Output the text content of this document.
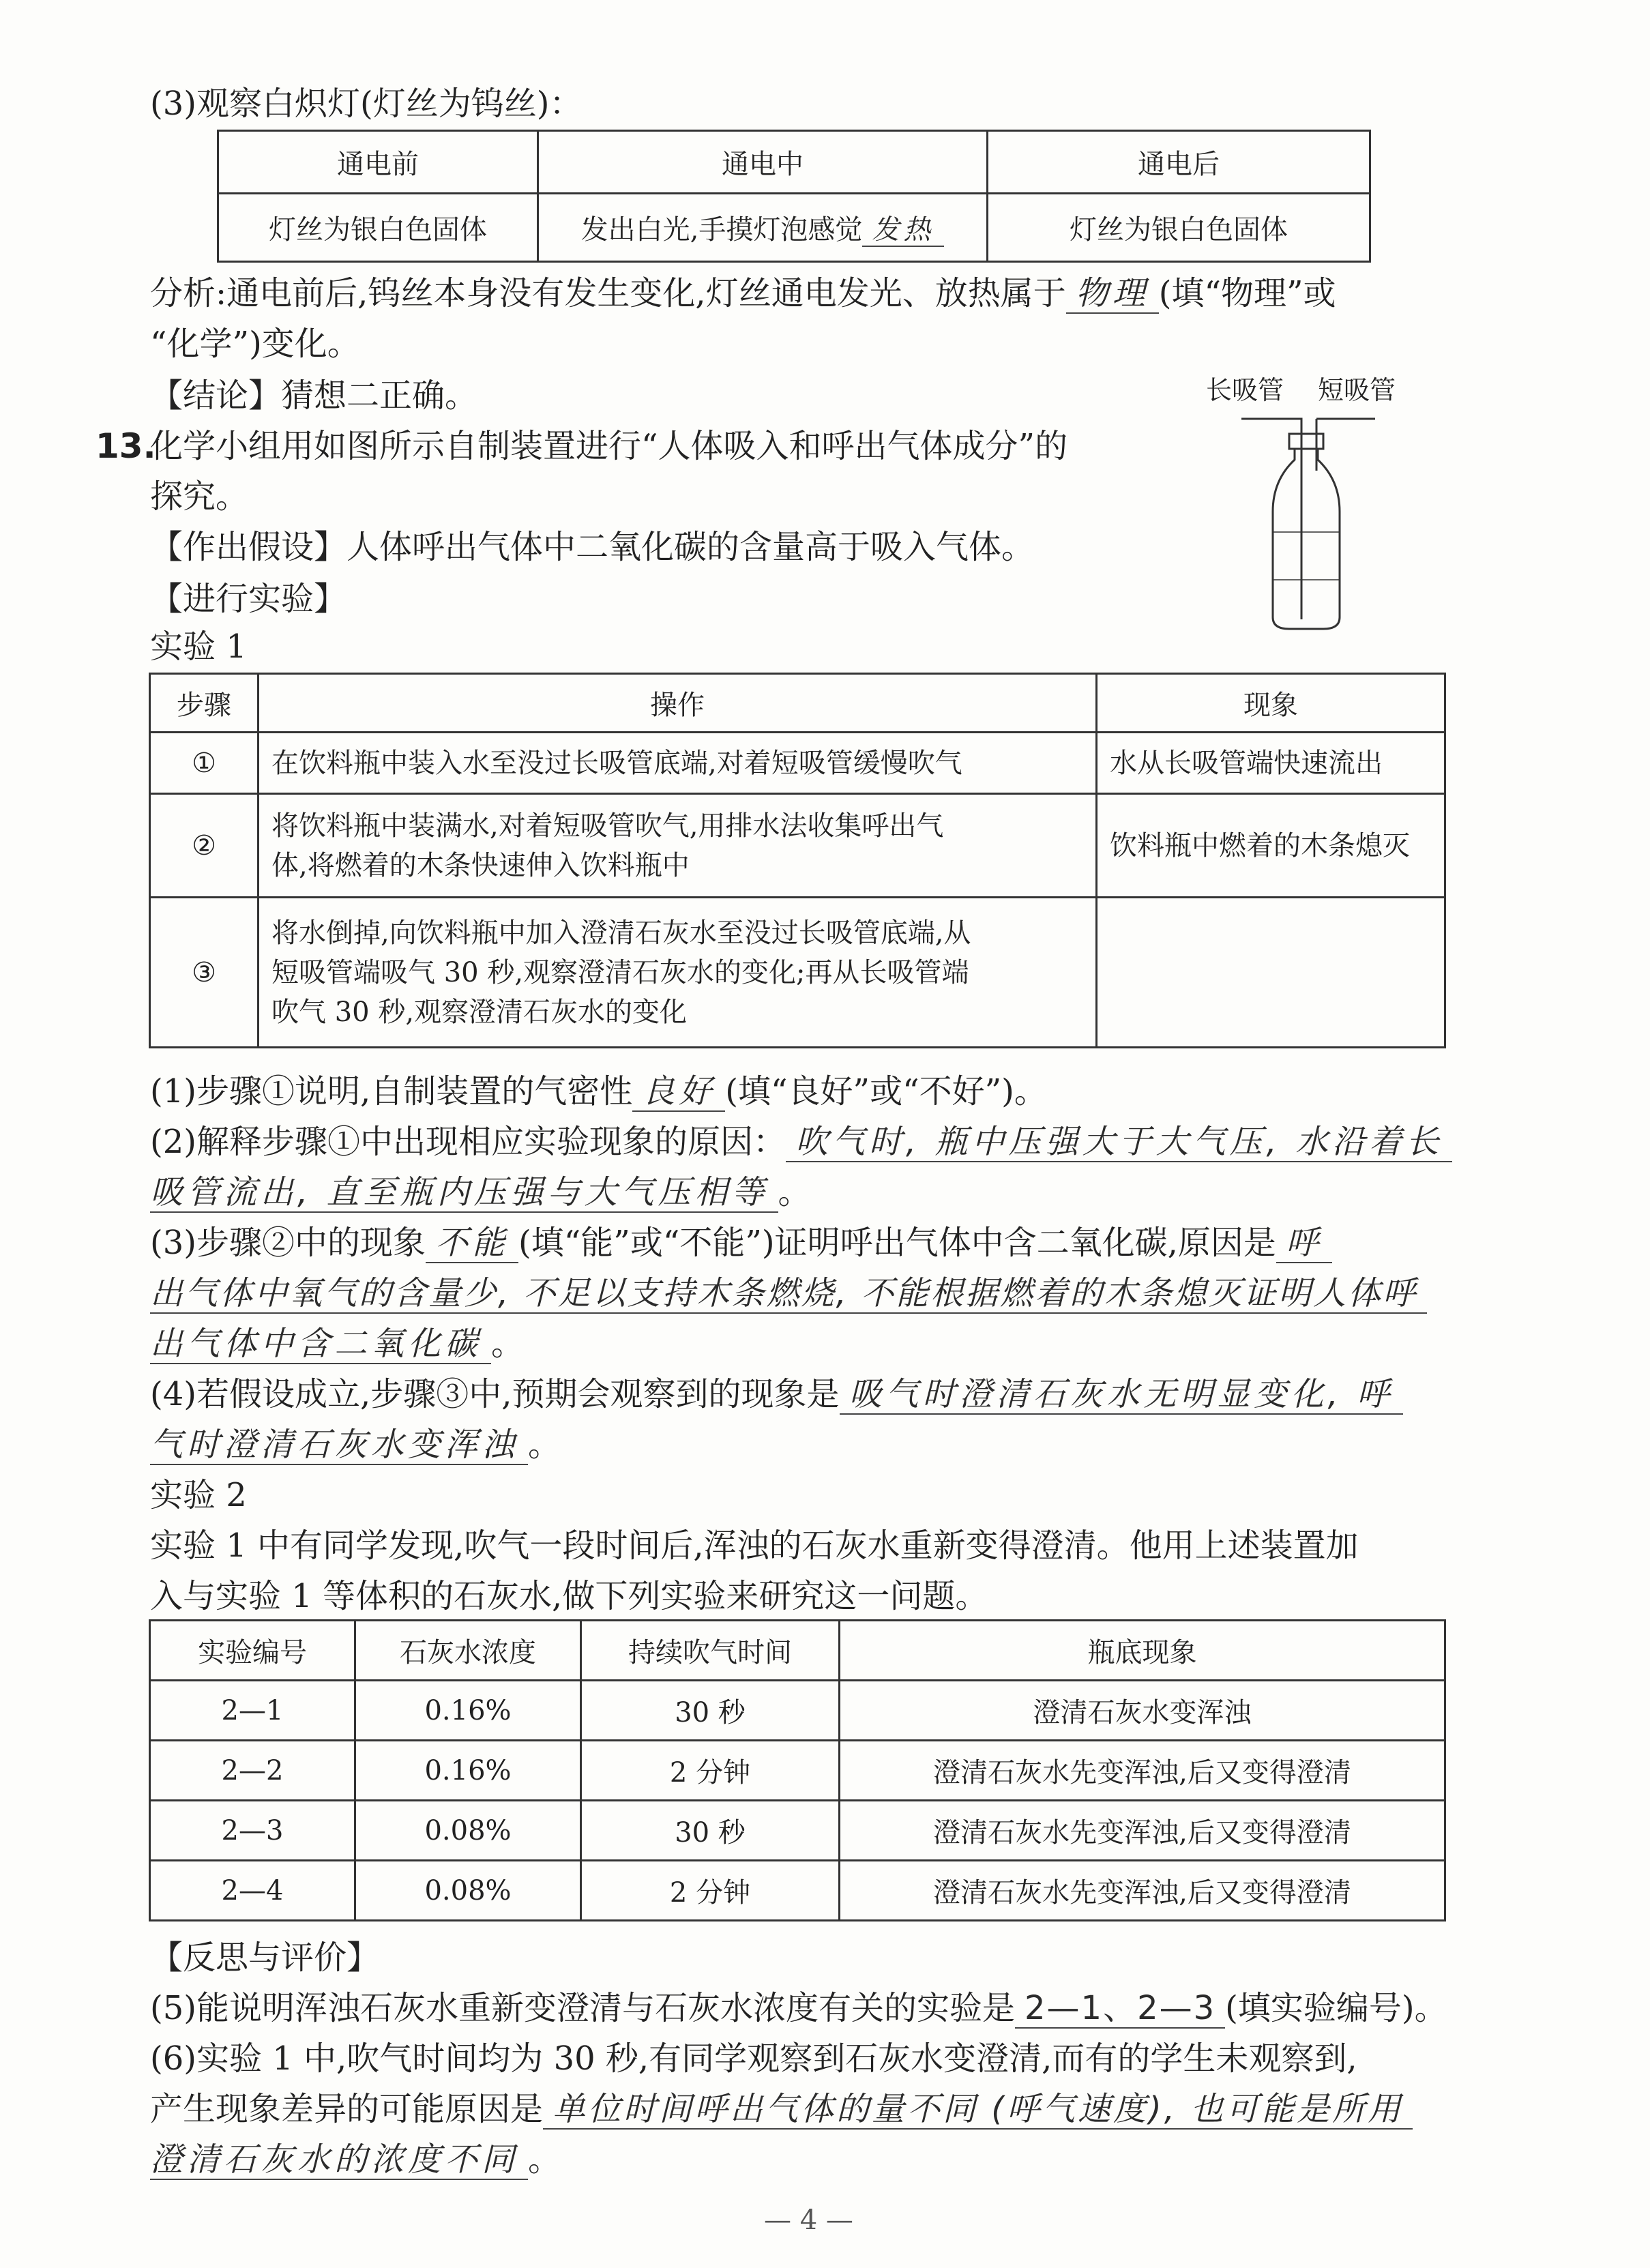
(3)观察白炽灯(灯丝为钨丝)：
通电前	通电中	通电后
灯丝为银白色固体	发出白光,手摸灯泡感觉 发热	灯丝为银白色固体
分析:通电前后,钨丝本身没有发生变化,灯丝通电发光、放热属于 物理 (填“物理”或
“化学”)变化。
【结论】猜想二正确。	长吸管 短吸管
13.
化学小组用如图所示自制装置进行“人体吸入和呼出气体成分”的
探究。
【作出假设】人体呼出气体中二氧化碳的含量高于吸入气体。
【进行实验】
实验 1
步骤	操作	现象
①	在饮料瓶中装入水至没过长吸管底端,对着短吸管缓慢吹气	水从长吸管端快速流出
②	将饮料瓶中装满水,对着短吸管吹气,用排水法收集呼出气
体,将燃着的木条快速伸入饮料瓶中	饮料瓶中燃着的木条熄灭
③	将水倒掉,向饮料瓶中加入澄清石灰水至没过长吸管底端,从
短吸管端吸气 30 秒,观察澄清石灰水的变化;再从长吸管端
吹气 30 秒,观察澄清石灰水的变化	

(1)步骤①说明,自制装置的气密性 良好 (填“良好”或“不好”)。
(2)解释步骤①中出现相应实验现象的原因： 吹气时, 瓶中压强大于大气压, 水沿着长
吸管流出, 直至瓶内压强与大气压相等 。
(3)步骤②中的现象 不能 (填“能”或“不能”)证明呼出气体中含二氧化碳,原因是 呼
出气体中氧气的含量少, 不足以支持木条燃烧, 不能根据燃着的木条熄灭证明人体呼
出气体中含二氧化碳 。
(4)若假设成立,步骤③中,预期会观察到的现象是 吸气时澄清石灰水无明显变化, 呼
气时澄清石灰水变浑浊 。
实验 2
实验 1 中有同学发现,吹气一段时间后,浑浊的石灰水重新变得澄清。他用上述装置加
入与实验 1 等体积的石灰水,做下列实验来研究这一问题。
实验编号	石灰水浓度	持续吹气时间	瓶底现象
2—1	0.16%	30 秒	澄清石灰水变浑浊
2—2	0.16%	2 分钟	澄清石灰水先变浑浊,后又变得澄清
2—3	0.08%	30 秒	澄清石灰水先变浑浊,后又变得澄清
2—4	0.08%	2 分钟	澄清石灰水先变浑浊,后又变得澄清
【反思与评价】
(5)能说明浑浊石灰水重新变澄清与石灰水浓度有关的实验是 2—1、2—3 (填实验编号)。
(6)实验 1 中,吹气时间均为 30 秒,有同学观察到石灰水变澄清,而有的学生未观察到,
产生现象差异的可能原因是 单位时间呼出气体的量不同 (呼气速度), 也可能是所用
澄清石灰水的浓度不同 。
— 4 —
